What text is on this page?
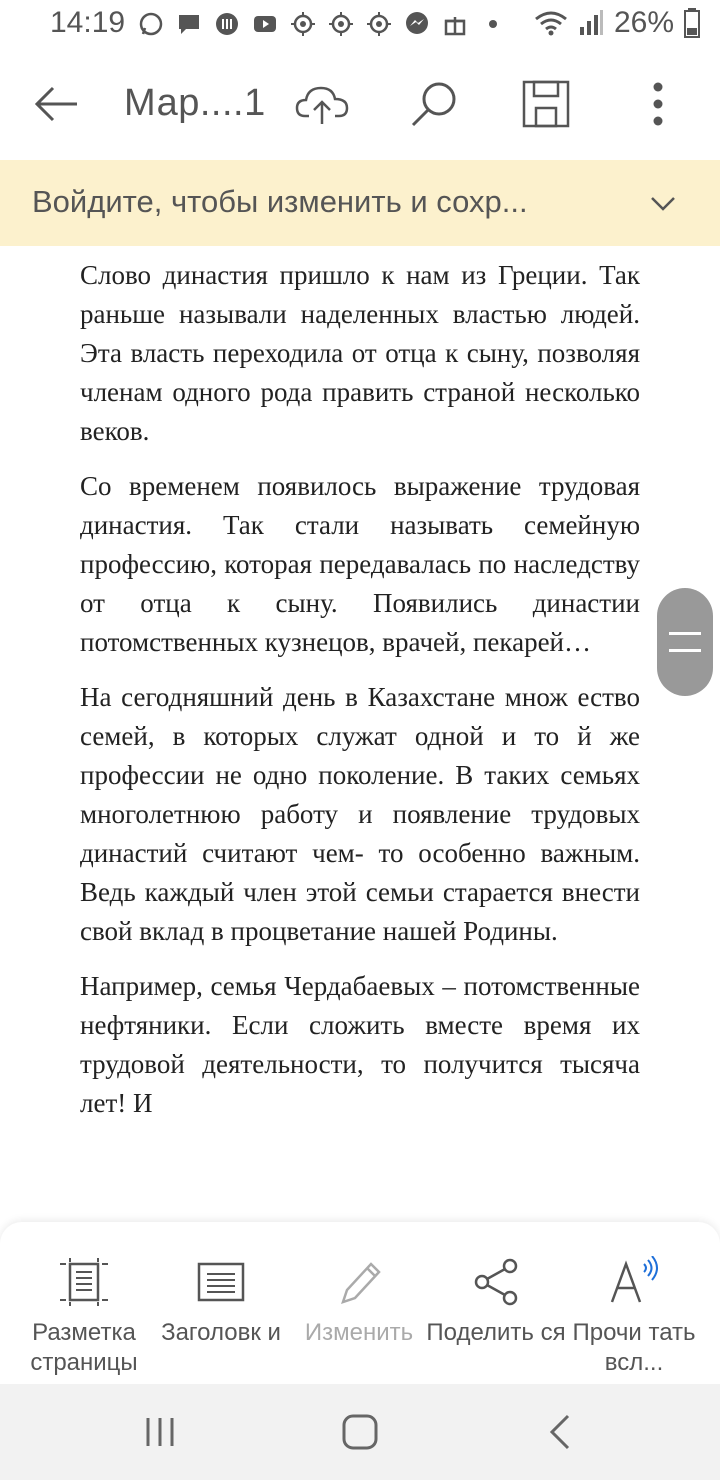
14:19	26%
Мар....1
Войдите, чтобы изменить и сохр...

Слово династия пришло к нам из Греции. Так раньше называли наделенных властью людей. Эта власть переходила от отца к сыну, позволяя членам одного рода править страной несколько веков.

Со временем появилось выражение трудовая династия. Так стали называть семейную профессию, которая передавалась по наследству от отца к сыну. Появились династии потомственных кузнецов, врачей, пекарей…

На сегодняшний день в Казахстане множ ество семей, в которых служат одной и то й же профессии не одно поколение. В таких семьях многолетнюю работу и появление трудовых династий считают чем- то особенно важным. Ведь каждый член этой семьи старается внести свой вклад в процветание нашей Родины.

Например, семья Чердабаевых – потомственные нефтяники. Если сложить вместе время их трудовой деятельности, то получится тысяча лет! И

Разметка страницы
Заголовк и Изменить Поделить ся Прочи тать всл...
